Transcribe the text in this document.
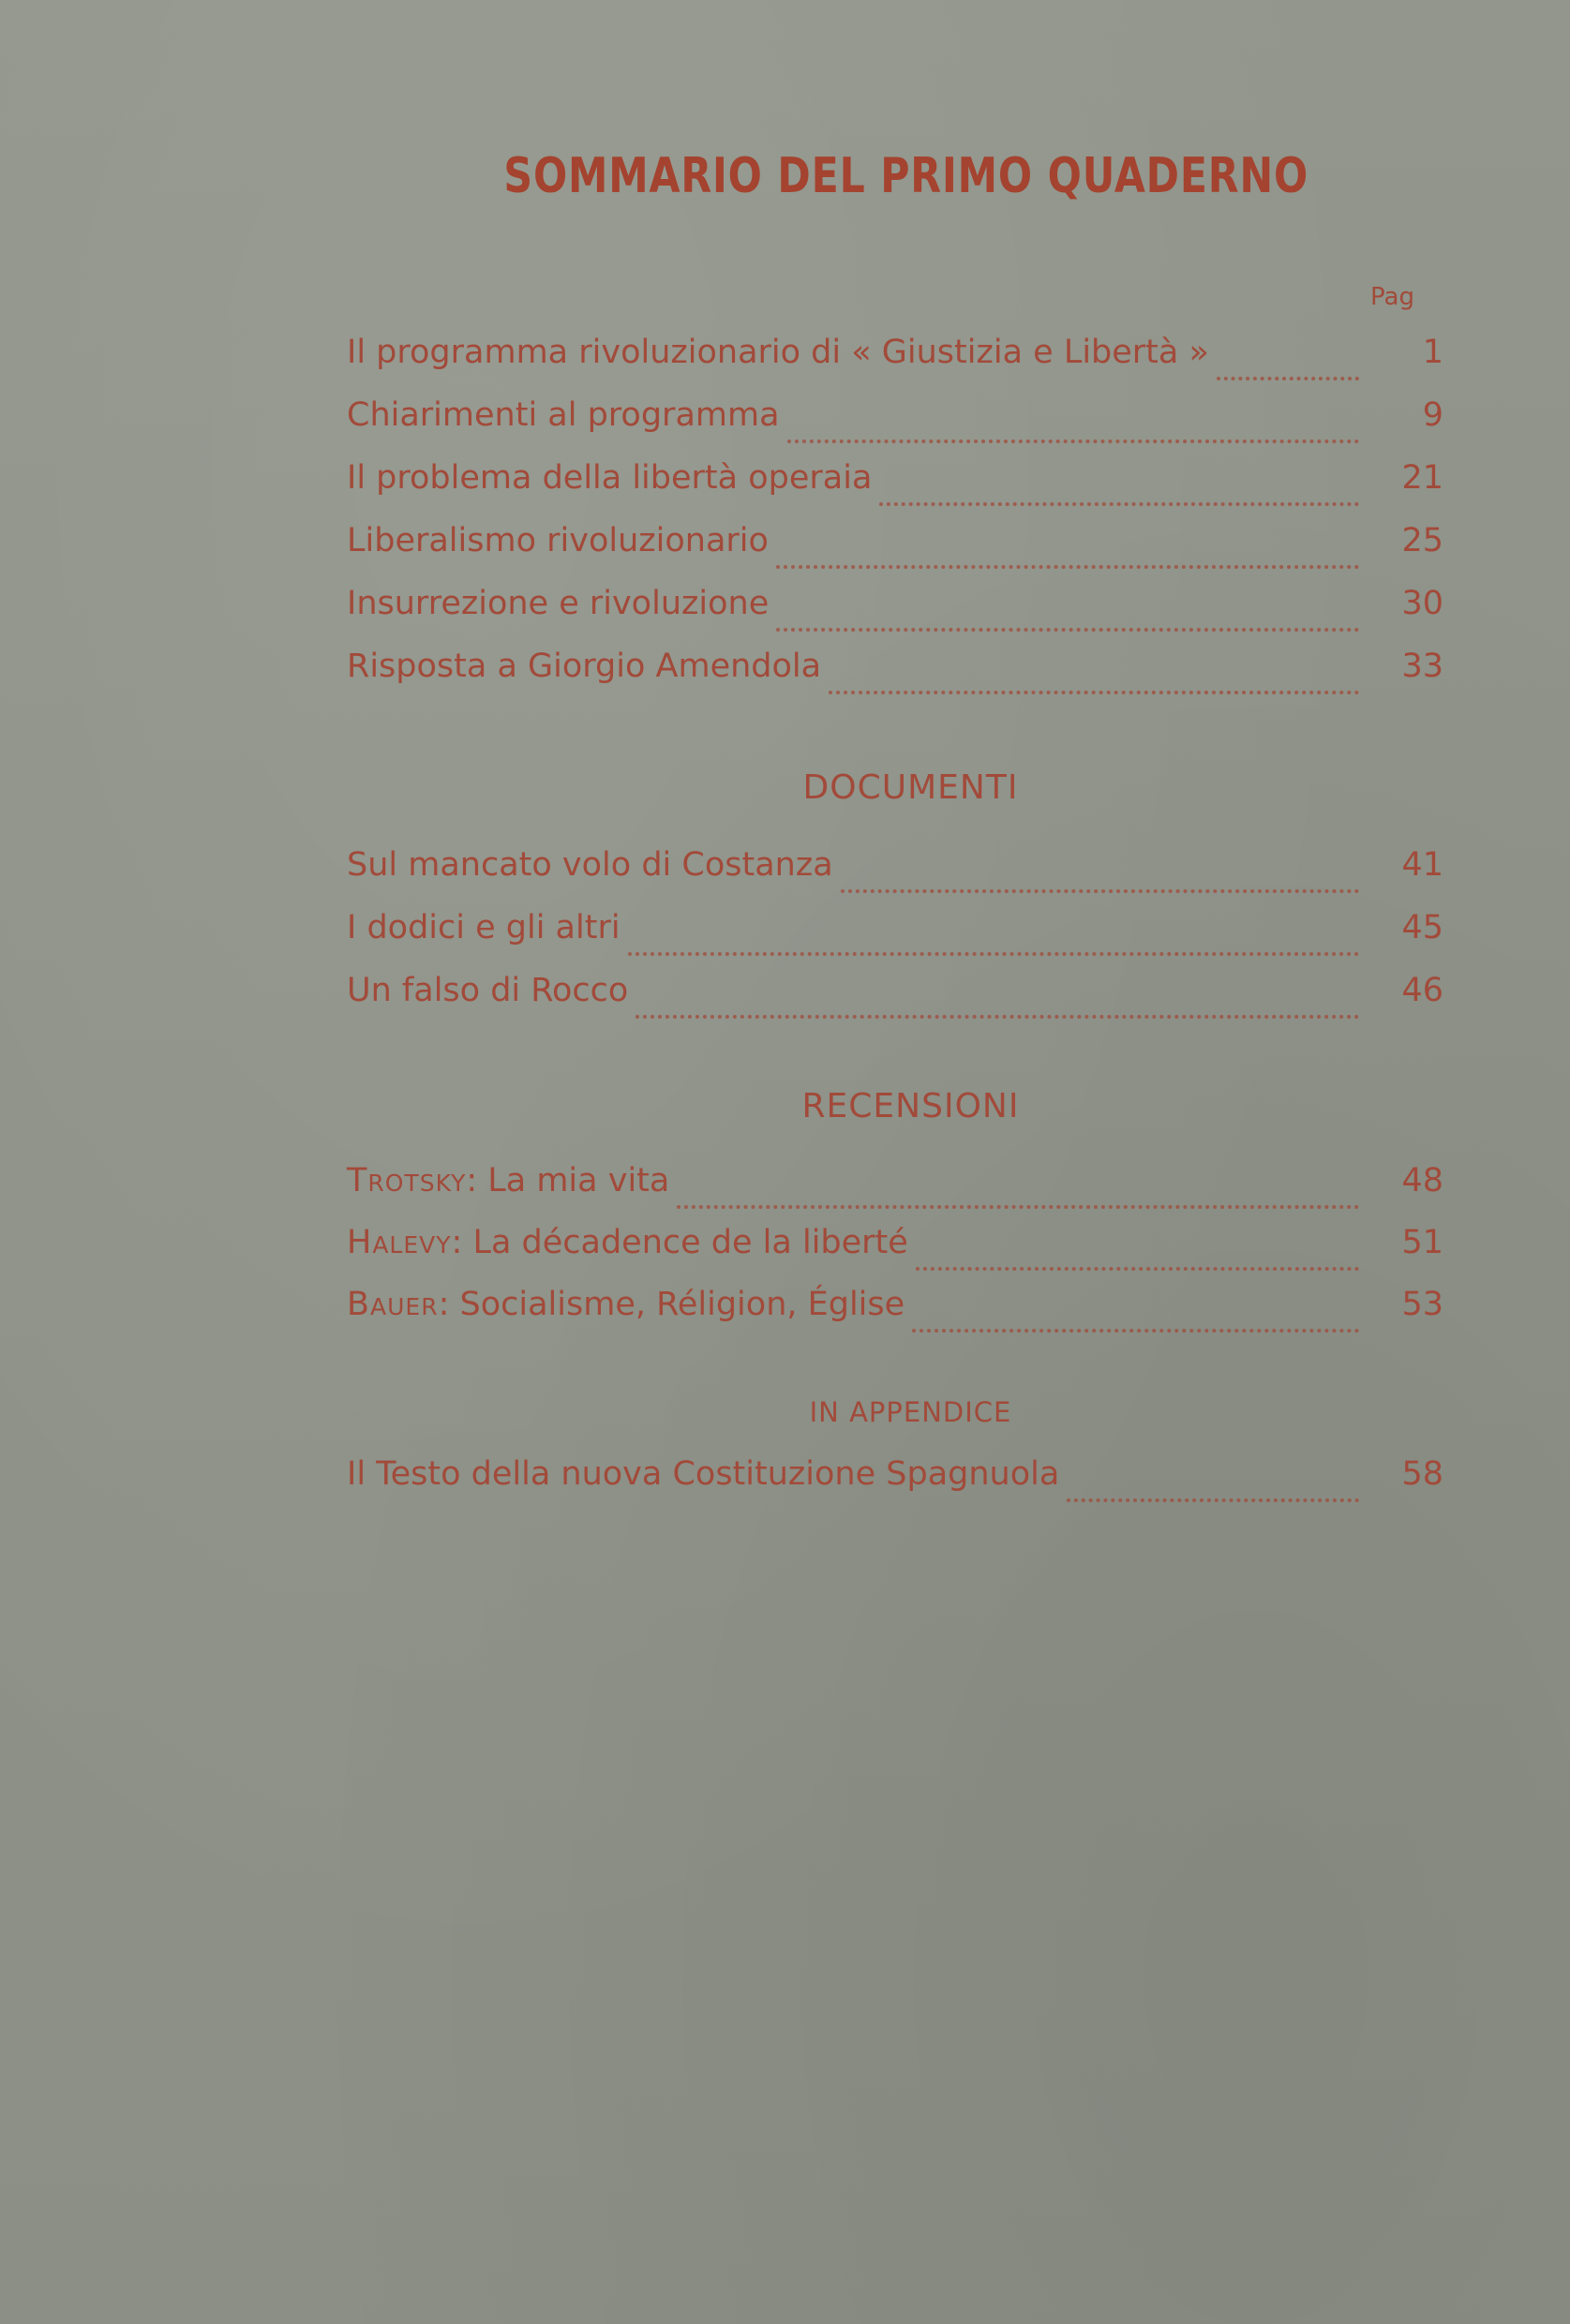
SOMMARIO DEL PRIMO QUADERNO
Pag
Il programma rivoluzionario di « Giustizia e Libertà »	1
Chiarimenti al programma	9
Il problema della libertà operaia	21
Liberalismo rivoluzionario	25
Insurrezione e rivoluzione	30
Risposta a Giorgio Amendola	33
Sul mancato volo di Costanza	41
I dodici e gli altri	45
Un falso di Rocco	46
Trotsky: La mia vita	48
Halevy: La décadence de la liberté	51
Bauer: Socialisme, Réligion, Église	53
Il Testo della nuova Costituzione Spagnuola	58
DOCUMENTI
RECENSIONI
IN APPENDICE
